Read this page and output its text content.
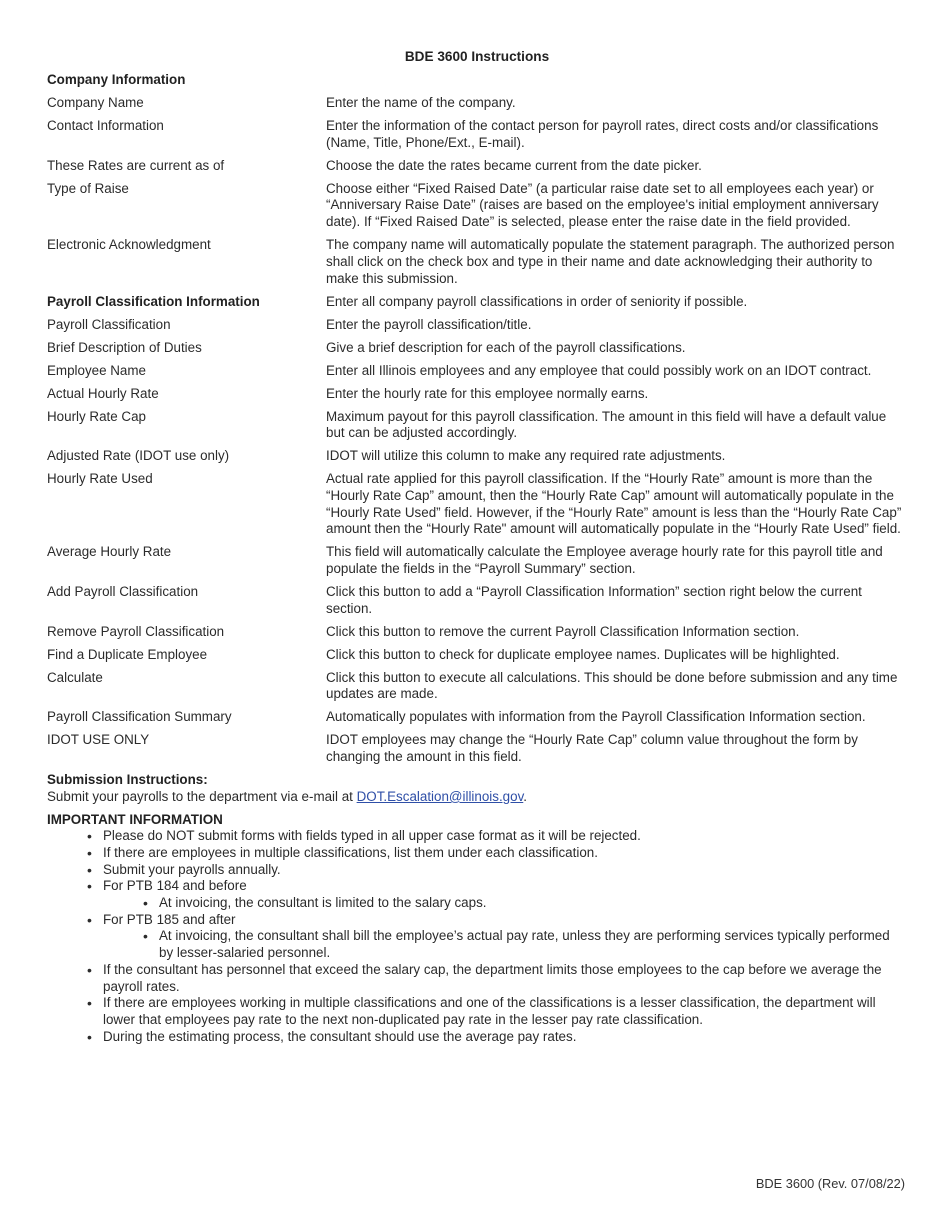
BDE 3600 Instructions
Company Information
Company Name	Enter the name of the company.
Contact Information	Enter the information of the contact person for payroll rates, direct costs and/or classifications (Name, Title, Phone/Ext., E-mail).
These Rates are current as of	Choose the date the rates became current from the date picker.
Type of Raise	Choose either “Fixed Raised Date” (a particular raise date set to all employees each year) or “Anniversary Raise Date” (raises are based on the employee's initial employment anniversary date). If “Fixed Raised Date” is selected, please enter the raise date in the field provided.
Electronic Acknowledgment	The company name will automatically populate the statement paragraph. The authorized person shall click on the check box and type in their name and date acknowledging their authority to make this submission.
Payroll Classification Information	Enter all company payroll classifications in order of seniority if possible.
Payroll Classification	Enter the payroll classification/title.
Brief Description of Duties	Give a brief description for each of the payroll classifications.
Employee Name	Enter all Illinois employees and any employee that could possibly work on an IDOT contract.
Actual Hourly Rate	Enter the hourly rate for this employee normally earns.
Hourly Rate Cap	Maximum payout for this payroll classification. The amount in this field will have a default value but can be adjusted accordingly.
Adjusted Rate (IDOT use only)	IDOT will utilize this column to make any required rate adjustments.
Hourly Rate Used	Actual rate applied for this payroll classification. If the “Hourly Rate” amount is more than the “Hourly Rate Cap” amount, then the “Hourly Rate Cap” amount will automatically populate in the “Hourly Rate Used” field. However, if the “Hourly Rate” amount is less than the “Hourly Rate Cap” amount then the “Hourly Rate" amount will automatically populate in the “Hourly Rate Used” field.
Average Hourly Rate	This field will automatically calculate the Employee average hourly rate for this payroll title and populate the fields in the “Payroll Summary” section.
Add Payroll Classification	Click this button to add a “Payroll Classification Information” section right below the current section.
Remove Payroll Classification	Click this button to remove the current Payroll Classification Information section.
Find a Duplicate Employee	Click this button to check for duplicate employee names. Duplicates will be highlighted.
Calculate	Click this button to execute all calculations. This should be done before submission and any time updates are made.
Payroll Classification Summary	Automatically populates with information from the Payroll Classification Information section.
IDOT USE ONLY	IDOT employees may change the “Hourly Rate Cap” column value throughout the form by changing the amount in this field.
Submission Instructions:
Submit your payrolls to the department via e-mail at DOT.Escalation@illinois.gov.
IMPORTANT INFORMATION
• Please do NOT submit forms with fields typed in all upper case format as it will be rejected.
• If there are employees in multiple classifications, list them under each classification.
• Submit your payrolls annually.
• For PTB 184 and before
• At invoicing, the consultant is limited to the salary caps.
• For PTB 185 and after
• At invoicing, the consultant shall bill the employee’s actual pay rate, unless they are performing services typically performed by lesser-salaried personnel.
• If the consultant has personnel that exceed the salary cap, the department limits those employees to the cap before we average the payroll rates.
• If there are employees working in multiple classifications and one of the classifications is a lesser classification, the department will lower that employees pay rate to the next non-duplicated pay rate in the lesser pay rate classification.
• During the estimating process, the consultant should use the average pay rates.
BDE 3600 (Rev. 07/08/22)
